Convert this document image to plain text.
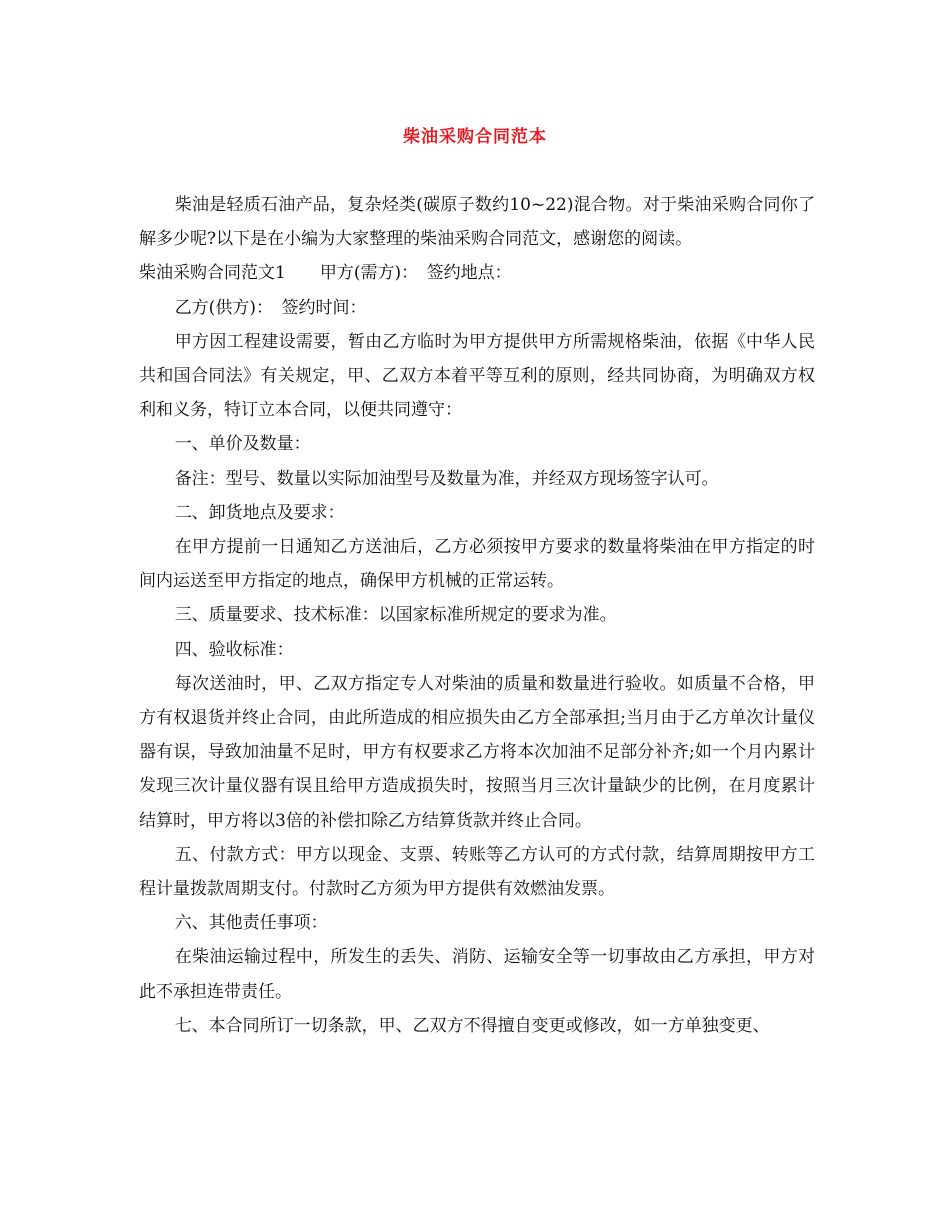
柴油采购合同范本

柴油是轻质石油产品，复杂烃类(碳原子数约10~22)混合物。对于柴油采购合同你了解多少呢?以下是在小编为大家整理的柴油采购合同范文，感谢您的阅读。

柴油采购合同范文1　　甲方(需方)：　签约地点：

乙方(供方)：　签约时间：

甲方因工程建设需要，暂由乙方临时为甲方提供甲方所需规格柴油，依据《中华人民共和国合同法》有关规定，甲、乙双方本着平等互利的原则，经共同协商，为明确双方权利和义务，特订立本合同，以便共同遵守：

一、单价及数量：

备注：型号、数量以实际加油型号及数量为准，并经双方现场签字认可。

二、卸货地点及要求：

在甲方提前一日通知乙方送油后，乙方必须按甲方要求的数量将柴油在甲方指定的时间内运送至甲方指定的地点，确保甲方机械的正常运转。

三、质量要求、技术标准：以国家标准所规定的要求为准。

四、验收标准：

每次送油时，甲、乙双方指定专人对柴油的质量和数量进行验收。如质量不合格，甲方有权退货并终止合同，由此所造成的相应损失由乙方全部承担;当月由于乙方单次计量仪器有误，导致加油量不足时，甲方有权要求乙方将本次加油不足部分补齐;如一个月内累计发现三次计量仪器有误且给甲方造成损失时，按照当月三次计量缺少的比例，在月度累计结算时，甲方将以3倍的补偿扣除乙方结算货款并终止合同。

五、付款方式：甲方以现金、支票、转账等乙方认可的方式付款，结算周期按甲方工程计量拨款周期支付。付款时乙方须为甲方提供有效燃油发票。

六、其他责任事项：

在柴油运输过程中，所发生的丢失、消防、运输安全等一切事故由乙方承担，甲方对此不承担连带责任。

七、本合同所订一切条款，甲、乙双方不得擅自变更或修改，如一方单独变更、
